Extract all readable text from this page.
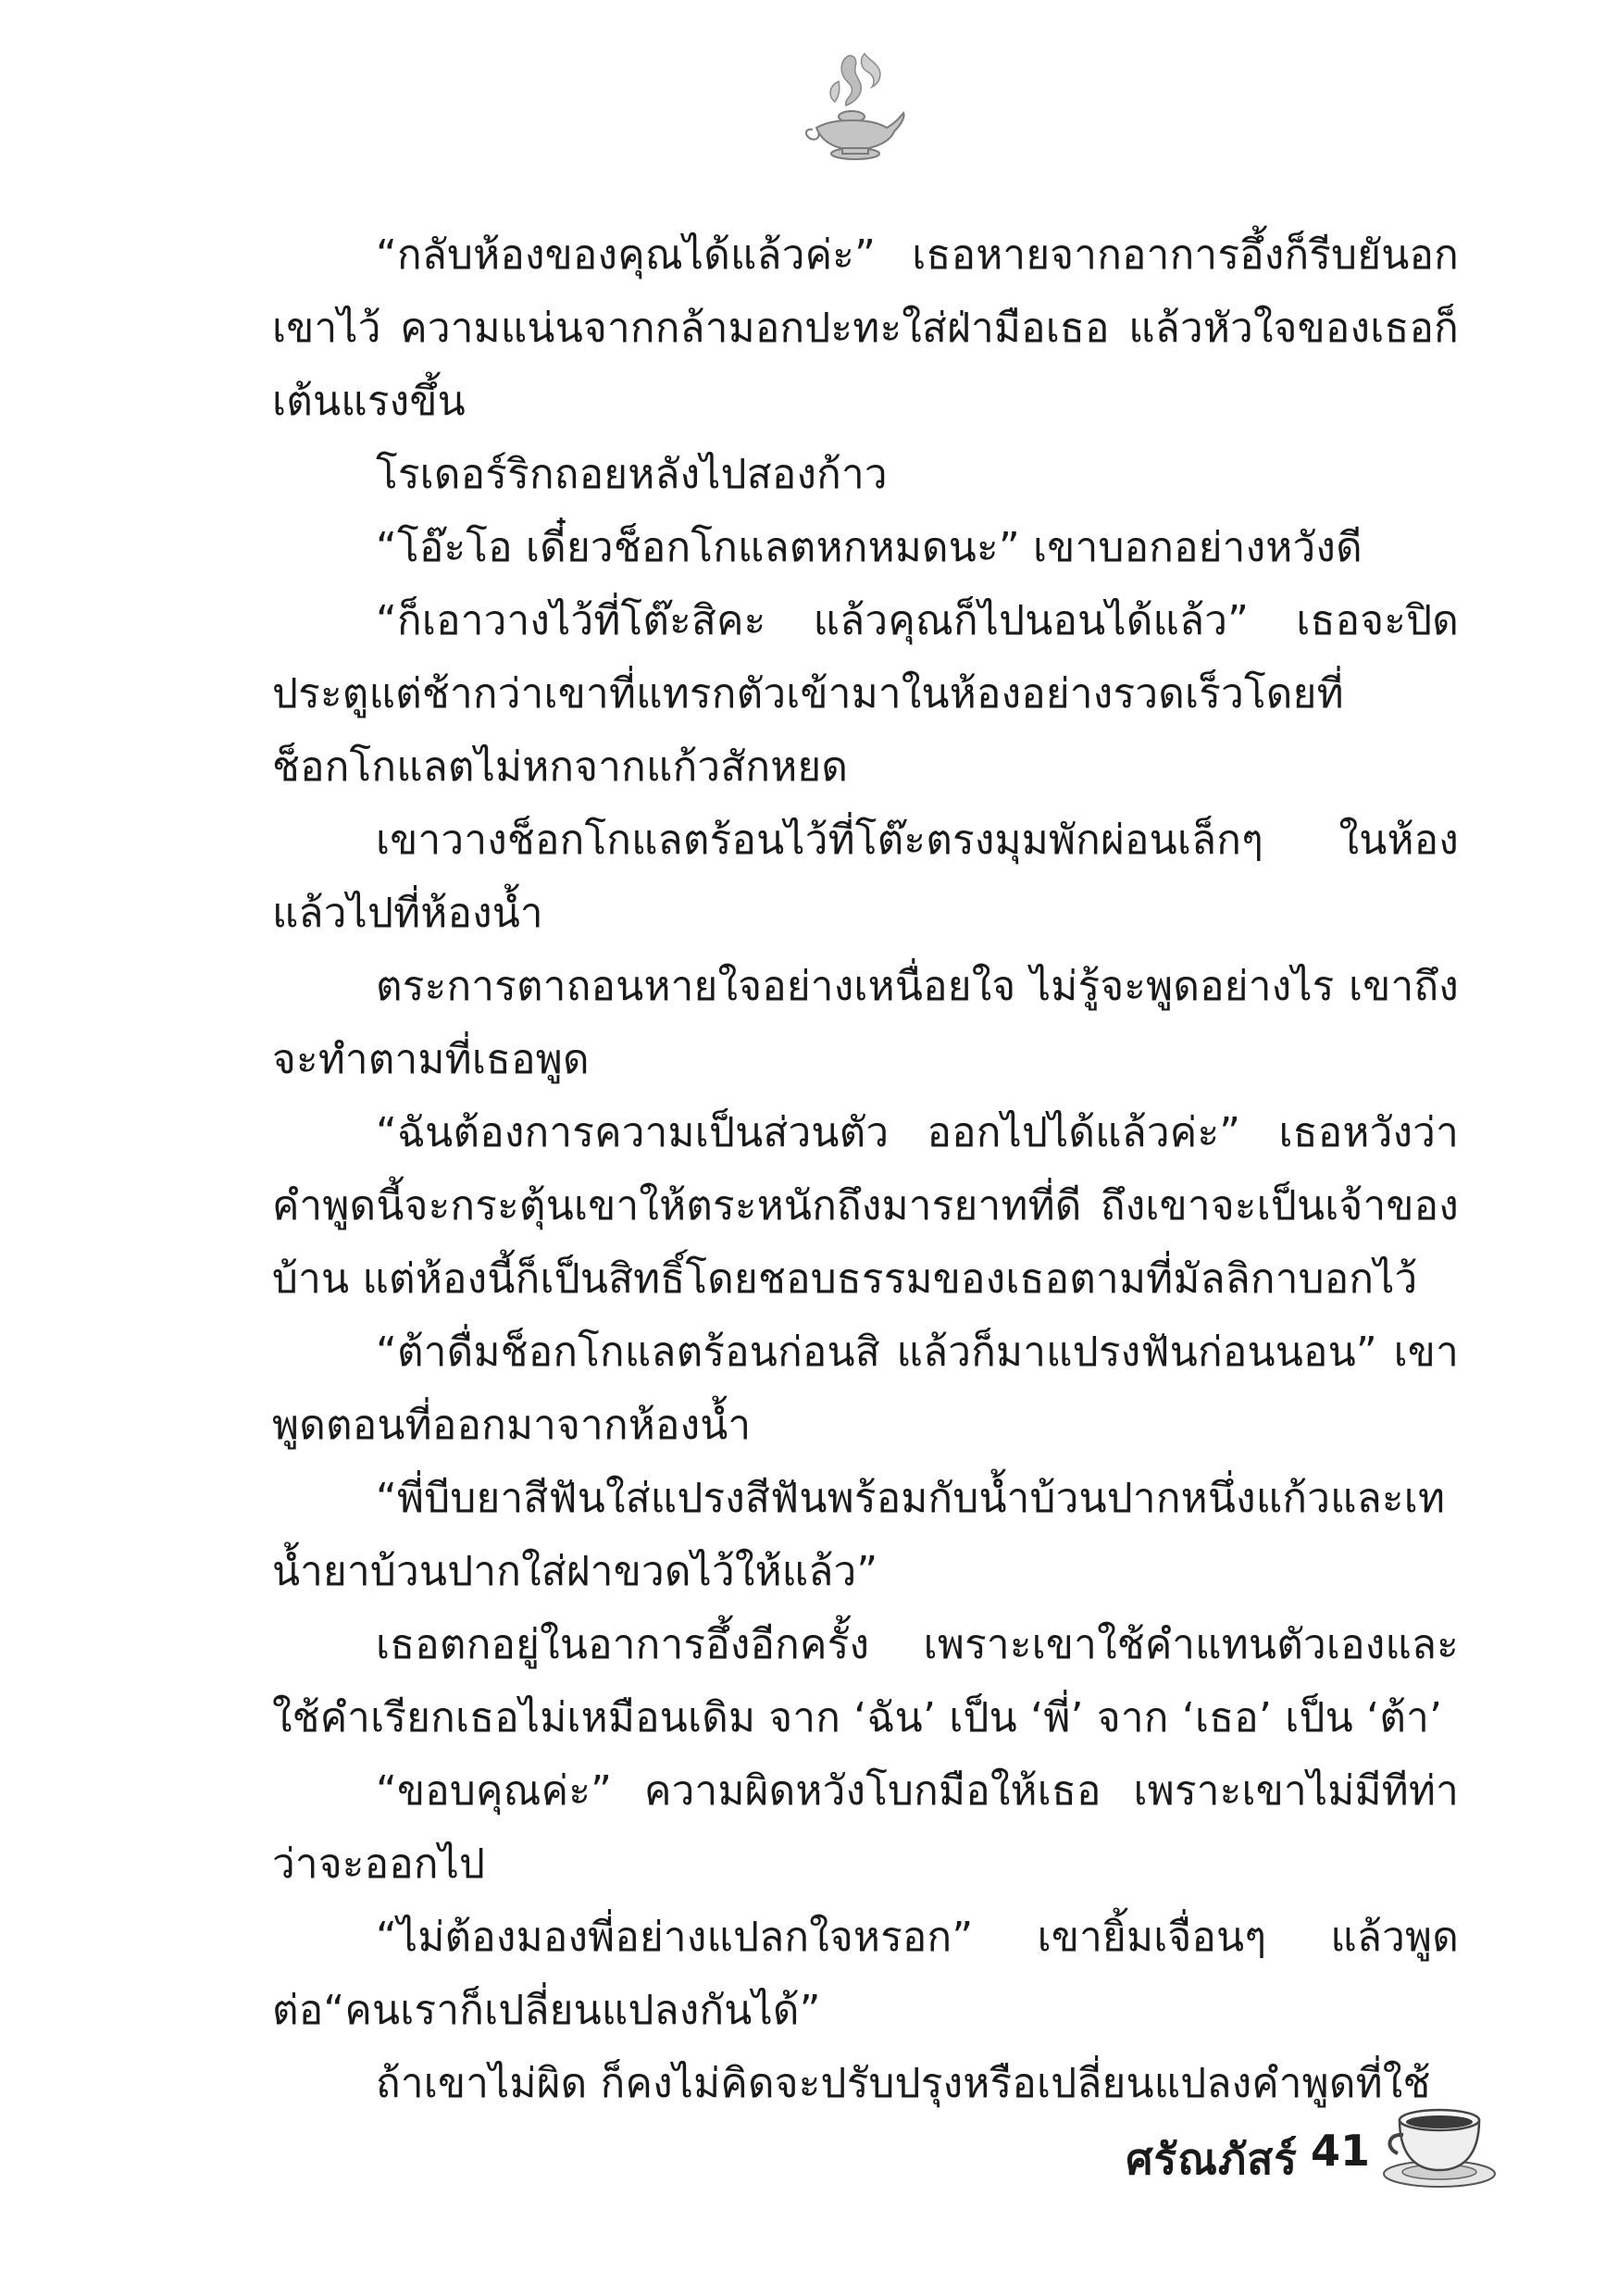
“กลับห้องของคุณได้แล้วค่ะ” เธอหายจากอาการอึ้งก็รีบยันอกเขาไว้ ความแน่นจากกล้ามอกปะทะใส่ฝ่ามือเธอ แล้วหัวใจของเธอก็เต้นแรงขึ้น

โรเดอร์ริกถอยหลังไปสองก้าว

“โอ๊ะโอ เดี๋ยวช็อกโกแลตหกหมดนะ” เขาบอกอย่างหวังดี

“ก็เอาวางไว้ที่โต๊ะสิคะ แล้วคุณก็ไปนอนได้แล้ว” เธอจะปิดประตูแต่ช้ากว่าเขาที่แทรกตัวเข้ามาในห้องอย่างรวดเร็วโดยที่ช็อกโกแลตไม่หกจากแก้วสักหยด

เขาวางช็อกโกแลตร้อนไว้ที่โต๊ะตรงมุมพักผ่อนเล็กๆ ในห้องแล้วไปที่ห้องน้ำ

ตระการตาถอนหายใจอย่างเหนื่อยใจ ไม่รู้จะพูดอย่างไร เขาถึงจะทำตามที่เธอพูด

“ฉันต้องการความเป็นส่วนตัว ออกไปได้แล้วค่ะ” เธอหวังว่าคำพูดนี้จะกระตุ้นเขาให้ตระหนักถึงมารยาทที่ดี ถึงเขาจะเป็นเจ้าของบ้าน แต่ห้องนี้ก็เป็นสิทธิ์โดยชอบธรรมของเธอตามที่มัลลิกาบอกไว้

“ต้าดื่มช็อกโกแลตร้อนก่อนสิ แล้วก็มาแปรงฟันก่อนนอน” เขาพูดตอนที่ออกมาจากห้องน้ำ

“พี่บีบยาสีฟันใส่แปรงสีฟันพร้อมกับน้ำบ้วนปากหนึ่งแก้วและเทน้ำยาบ้วนปากใส่ฝาขวดไว้ให้แล้ว”

เธอตกอยู่ในอาการอึ้งอีกครั้ง เพราะเขาใช้คำแทนตัวเองและใช้คำเรียกเธอไม่เหมือนเดิม จาก ‘ฉัน’ เป็น ‘พี่’ จาก ‘เธอ’ เป็น ‘ต้า’

“ขอบคุณค่ะ” ความผิดหวังโบกมือให้เธอ เพราะเขาไม่มีทีท่าว่าจะออกไป

“ไม่ต้องมองพี่อย่างแปลกใจหรอก” เขายิ้มเจื่อนๆ แล้วพูดต่อ“คนเราก็เปลี่ยนแปลงกันได้”

ถ้าเขาไม่ผิด ก็คงไม่คิดจะปรับปรุงหรือเปลี่ยนแปลงคำพูดที่ใช้

ศรัณภัสร์ 41
